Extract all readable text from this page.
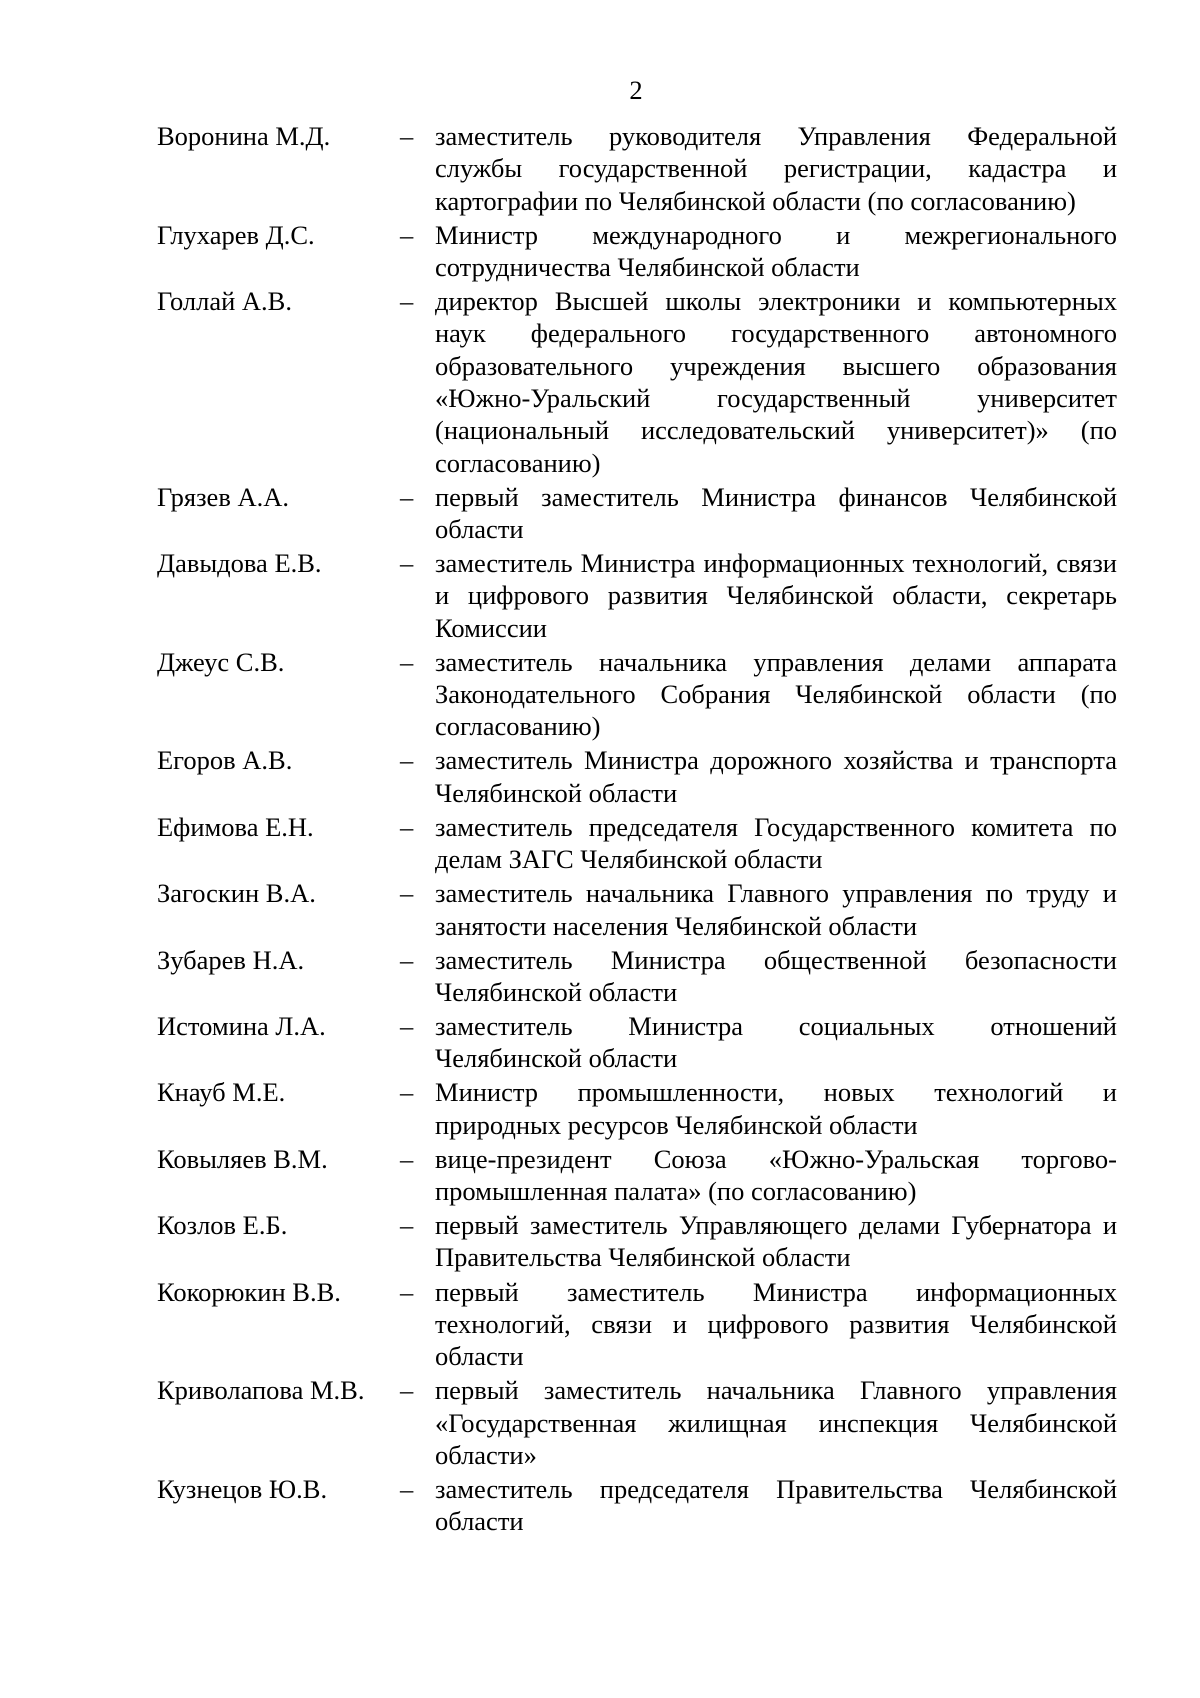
2
Воронина М.Д.	– заместитель руководителя Управления Федеральной службы государственной регистрации, кадастра и картографии по Челябинской области (по согласованию)
Глухарев Д.С.	– Министр международного и межрегионального сотрудничества Челябинской области
Голлай А.В.	– директор Высшей школы электроники и компьютерных наук федерального государственного автономного образовательного учреждения высшего образования «Южно-Уральский государственный университет (национальный исследовательский университет)» (по согласованию)
Грязев А.А.	– первый заместитель Министра финансов Челябинской области
Давыдова Е.В.	– заместитель Министра информационных технологий, связи и цифрового развития Челябинской области, секретарь Комиссии
Джеус С.В.	– заместитель начальника управления делами аппарата Законодательного Собрания Челябинской области (по согласованию)
Егоров А.В.	– заместитель Министра дорожного хозяйства и транспорта Челябинской области
Ефимова Е.Н.	– заместитель председателя Государственного комитета по делам ЗАГС Челябинской области
Загоскин В.А.	– заместитель начальника Главного управления по труду и занятости населения Челябинской области
Зубарев Н.А.	– заместитель Министра общественной безопасности Челябинской области
Истомина Л.А.	– заместитель Министра социальных отношений Челябинской области
Кнауб М.Е.	– Министр промышленности, новых технологий и природных ресурсов Челябинской области
Ковыляев В.М.	– вице-президент Союза «Южно-Уральская торгово-промышленная палата» (по согласованию)
Козлов Е.Б.	– первый заместитель Управляющего делами Губернатора и Правительства Челябинской области
Кокорюкин В.В.	– первый заместитель Министра информационных технологий, связи и цифрового развития Челябинской области
Криволапова М.В.	– первый заместитель начальника Главного управления «Государственная жилищная инспекция Челябинской области»
Кузнецов Ю.В.	– заместитель председателя Правительства Челябинской области
